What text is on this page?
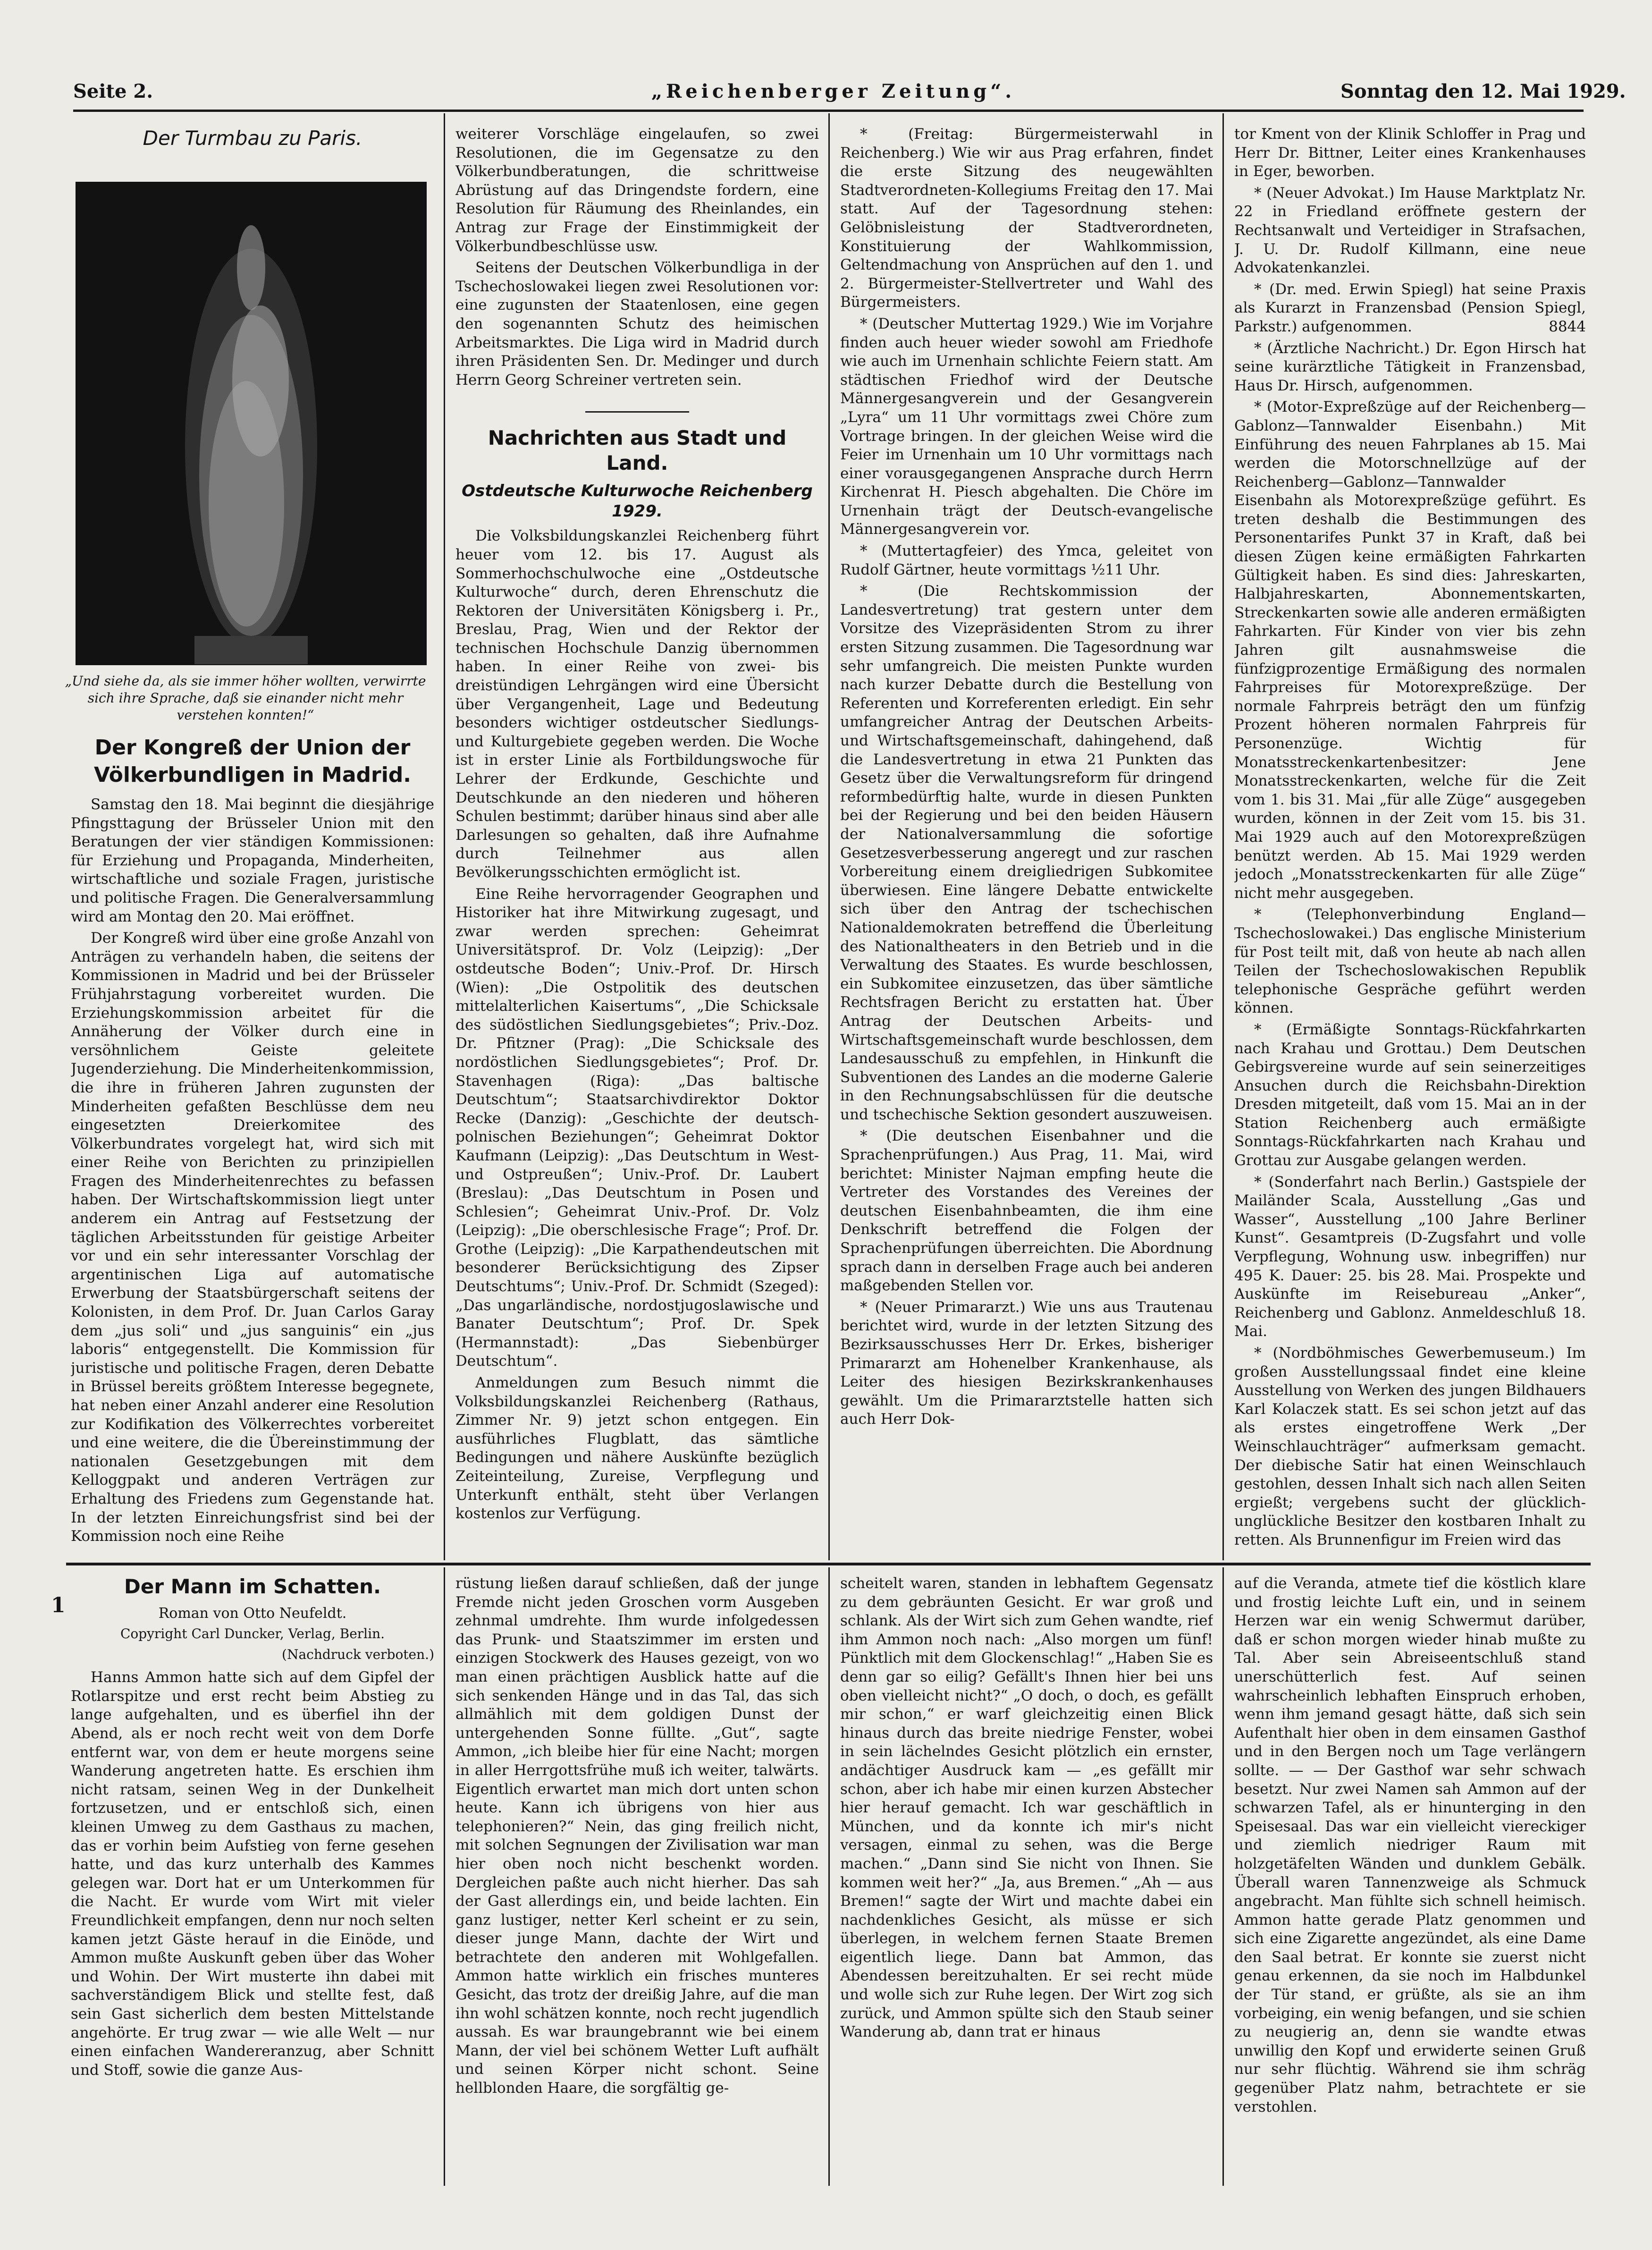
Seite 2.	„Reichenberger Zeitung“.	Sonntag den 12. Mai 1929.
Der Turmbau zu Paris.
„Und siehe da, als sie immer höher wollten, verwirrte sich ihre Sprache, daß sie einander nicht mehr verstehen konnten!“
Der Kongreß der Union der Völkerbundligen in Madrid.

Samstag den 18. Mai beginnt die diesjährige Pfingsttagung der Brüsseler Union mit den Beratungen der vier ständigen Kommissionen: für Erziehung und Propaganda, Minderheiten, wirtschaftliche und soziale Fragen, juristische und politische Fragen. Die Generalversammlung wird am Montag den 20. Mai eröffnet.

Der Kongreß wird über eine große Anzahl von Anträgen zu verhandeln haben, die seitens der Kommissionen in Madrid und bei der Brüsseler Frühjahrstagung vorbereitet wurden. Die Erziehungskommission arbeitet für die Annäherung der Völker durch eine in versöhnlichem Geiste geleitete Jugenderziehung. Die Minderheitenkommission, die ihre in früheren Jahren zugunsten der Minderheiten gefaßten Beschlüsse dem neu eingesetzten Dreierkomitee des Völkerbundrates vorgelegt hat, wird sich mit einer Reihe von Berichten zu prinzipiellen Fragen des Minderheitenrechtes zu befassen haben. Der Wirtschaftskommission liegt unter anderem ein Antrag auf Festsetzung der täglichen Arbeitsstunden für geistige Arbeiter vor und ein sehr interessanter Vorschlag der argentinischen Liga auf automatische Erwerbung der Staatsbürgerschaft seitens der Kolonisten, in dem Prof. Dr. Juan Carlos Garay dem „jus soli“ und „jus sanguinis“ ein „jus laboris“ entgegenstellt. Die Kommission für juristische und politische Fragen, deren Debatte in Brüssel bereits größtem Interesse begegnete, hat neben einer Anzahl anderer eine Resolution zur Kodifikation des Völkerrechtes vorbereitet und eine weitere, die die Übereinstimmung der nationalen Gesetzgebungen mit dem Kelloggpakt und anderen Verträgen zur Erhaltung des Friedens zum Gegenstande hat. In der letzten Einreichungsfrist sind bei der Kommission noch eine Reihe

weiterer Vorschläge eingelaufen, so zwei Resolutionen, die im Gegensatze zu den Völkerbundberatungen, die schrittweise Abrüstung auf das Dringendste fordern, eine Resolution für Räumung des Rheinlandes, ein Antrag zur Frage der Einstimmigkeit der Völkerbundbeschlüsse usw.

Seitens der Deutschen Völkerbundliga in der Tschechoslowakei liegen zwei Resolutionen vor: eine zugunsten der Staatenlosen, eine gegen den sogenannten Schutz des heimischen Arbeitsmarktes. Die Liga wird in Madrid durch ihren Präsidenten Sen. Dr. Medinger und durch Herrn Georg Schreiner vertreten sein.

Nachrichten aus Stadt und Land.
Ostdeutsche Kulturwoche Reichenberg 1929.

Die Volksbildungskanzlei Reichenberg führt heuer vom 12. bis 17. August als Sommerhochschulwoche eine „Ostdeutsche Kulturwoche“ durch, deren Ehrenschutz die Rektoren der Universitäten Königsberg i. Pr., Breslau, Prag, Wien und der Rektor der technischen Hochschule Danzig übernommen haben. In einer Reihe von zwei- bis dreistündigen Lehrgängen wird eine Übersicht über Vergangenheit, Lage und Bedeutung besonders wichtiger ostdeutscher Siedlungs- und Kulturgebiete gegeben werden. Die Woche ist in erster Linie als Fortbildungswoche für Lehrer der Erdkunde, Geschichte und Deutschkunde an den niederen und höheren Schulen bestimmt; darüber hinaus sind aber alle Darlesungen so gehalten, daß ihre Aufnahme durch Teilnehmer aus allen Bevölkerungsschichten ermöglicht ist.

Eine Reihe hervorragender Geographen und Historiker hat ihre Mitwirkung zugesagt, und zwar werden sprechen: Geheimrat Universitätsprof. Dr. Volz (Leipzig): „Der ostdeutsche Boden“; Univ.-Prof. Dr. Hirsch (Wien): „Die Ostpolitik des deutschen mittelalterlichen Kaisertums“, „Die Schicksale des südöstlichen Siedlungsgebietes“; Priv.-Doz. Dr. Pfitzner (Prag): „Die Schicksale des nordöstlichen Siedlungsgebietes“; Prof. Dr. Stavenhagen (Riga): „Das baltische Deutschtum“; Staatsarchivdirektor Doktor Recke (Danzig): „Geschichte der deutsch-polnischen Beziehungen“; Geheimrat Doktor Kaufmann (Leipzig): „Das Deutschtum in West- und Ostpreußen“; Univ.-Prof. Dr. Laubert (Breslau): „Das Deutschtum in Posen und Schlesien“; Geheimrat Univ.-Prof. Dr. Volz (Leipzig): „Die oberschlesische Frage“; Prof. Dr. Grothe (Leipzig): „Die Karpathendeutschen mit besonderer Berücksichtigung des Zipser Deutschtums“; Univ.-Prof. Dr. Schmidt (Szeged): „Das ungarländische, nordostjugoslawische und Banater Deutschtum“; Prof. Dr. Spek (Hermannstadt): „Das Siebenbürger Deutschtum“.

Anmeldungen zum Besuch nimmt die Volksbildungskanzlei Reichenberg (Rathaus, Zimmer Nr. 9) jetzt schon entgegen. Ein ausführliches Flugblatt, das sämtliche Bedingungen und nähere Auskünfte bezüglich Zeiteinteilung, Zureise, Verpflegung und Unterkunft enthält, steht über Verlangen kostenlos zur Verfügung.

* (Freitag: Bürgermeisterwahl in Reichenberg.) Wie wir aus Prag erfahren, findet die erste Sitzung des neugewählten Stadtverordneten-Kollegiums Freitag den 17. Mai statt. Auf der Tagesordnung stehen: Gelöbnisleistung der Stadtverordneten, Konstituierung der Wahlkommission, Geltendmachung von Ansprüchen auf den 1. und 2. Bürgermeister-Stellvertreter und Wahl des Bürgermeisters.

* (Deutscher Muttertag 1929.) Wie im Vorjahre finden auch heuer wieder sowohl am Friedhofe wie auch im Urnenhain schlichte Feiern statt. Am städtischen Friedhof wird der Deutsche Männergesangverein und der Gesangverein „Lyra“ um 11 Uhr vormittags zwei Chöre zum Vortrage bringen. In der gleichen Weise wird die Feier im Urnenhain um 10 Uhr vormittags nach einer vorausgegangenen Ansprache durch Herrn Kirchenrat H. Piesch abgehalten. Die Chöre im Urnenhain trägt der Deutsch-evangelische Männergesangverein vor.

* (Muttertagfeier) des Ymca, geleitet von Rudolf Gärtner, heute vormittags ½11 Uhr.

* (Die Rechtskommission der Landesvertretung) trat gestern unter dem Vorsitze des Vizepräsidenten Strom zu ihrer ersten Sitzung zusammen. Die Tagesordnung war sehr umfangreich. Die meisten Punkte wurden nach kurzer Debatte durch die Bestellung von Referenten und Korreferenten erledigt. Ein sehr umfangreicher Antrag der Deutschen Arbeits- und Wirtschaftsgemeinschaft, dahingehend, daß die Landesvertretung in etwa 21 Punkten das Gesetz über die Verwaltungsreform für dringend reformbedürftig halte, wurde in diesen Punkten bei der Regierung und bei den beiden Häusern der Nationalversammlung die sofortige Gesetzesverbesserung angeregt und zur raschen Vorbereitung einem dreigliedrigen Subkomitee überwiesen. Eine längere Debatte entwickelte sich über den Antrag der tschechischen Nationaldemokraten betreffend die Überleitung des Nationaltheaters in den Betrieb und in die Verwaltung des Staates. Es wurde beschlossen, ein Subkomitee einzusetzen, das über sämtliche Rechtsfragen Bericht zu erstatten hat. Über Antrag der Deutschen Arbeits- und Wirtschaftsgemeinschaft wurde beschlossen, dem Landesausschuß zu empfehlen, in Hinkunft die Subventionen des Landes an die moderne Galerie in den Rechnungsabschlüssen für die deutsche und tschechische Sektion gesondert auszuweisen.

* (Die deutschen Eisenbahner und die Sprachenprüfungen.) Aus Prag, 11. Mai, wird berichtet: Minister Najman empfing heute die Vertreter des Vorstandes des Vereines der deutschen Eisenbahnbeamten, die ihm eine Denkschrift betreffend die Folgen der Sprachenprüfungen überreichten. Die Abordnung sprach dann in derselben Frage auch bei anderen maßgebenden Stellen vor.

* (Neuer Primararzt.) Wie uns aus Trautenau berichtet wird, wurde in der letzten Sitzung des Bezirksausschusses Herr Dr. Erkes, bisheriger Primararzt am Hohenelber Krankenhause, als Leiter des hiesigen Bezirkskrankenhauses gewählt. Um die Primararztstelle hatten sich auch Herr Dok-

tor Kment von der Klinik Schloffer in Prag und Herr Dr. Bittner, Leiter eines Krankenhauses in Eger, beworben.

* (Neuer Advokat.) Im Hause Marktplatz Nr. 22 in Friedland eröffnete gestern der Rechtsanwalt und Verteidiger in Strafsachen, J. U. Dr. Rudolf Killmann, eine neue Advokatenkanzlei.

* (Dr. med. Erwin Spiegl) hat seine Praxis als Kurarzt in Franzensbad (Pension Spiegl, Parkstr.) aufgenommen.	8844

* (Ärztliche Nachricht.) Dr. Egon Hirsch hat seine kurärztliche Tätigkeit in Franzensbad, Haus Dr. Hirsch, aufgenommen.

* (Motor-Expreßzüge auf der Reichenberg—Gablonz—Tannwalder Eisenbahn.) Mit Einführung des neuen Fahrplanes ab 15. Mai werden die Motorschnellzüge auf der Reichenberg—Gablonz—Tannwalder Eisenbahn als Motorexpreßzüge geführt. Es treten deshalb die Bestimmungen des Personentarifes Punkt 37 in Kraft, daß bei diesen Zügen keine ermäßigten Fahrkarten Gültigkeit haben. Es sind dies: Jahreskarten, Halbjahreskarten, Abonnementskarten, Streckenkarten sowie alle anderen ermäßigten Fahrkarten. Für Kinder von vier bis zehn Jahren gilt ausnahmsweise die fünfzigprozentige Ermäßigung des normalen Fahrpreises für Motorexpreßzüge. Der normale Fahrpreis beträgt den um fünfzig Prozent höheren normalen Fahrpreis für Personenzüge. Wichtig für Monatsstreckenkartenbesitzer: Jene Monatsstreckenkarten, welche für die Zeit vom 1. bis 31. Mai „für alle Züge“ ausgegeben wurden, können in der Zeit vom 15. bis 31. Mai 1929 auch auf den Motorexpreßzügen benützt werden. Ab 15. Mai 1929 werden jedoch „Monatsstreckenkarten für alle Züge“ nicht mehr ausgegeben.

* (Telephonverbindung England—Tschechoslowakei.) Das englische Ministerium für Post teilt mit, daß von heute ab nach allen Teilen der Tschechoslowakischen Republik telephonische Gespräche geführt werden können.

* (Ermäßigte Sonntags-Rückfahrkarten nach Krahau und Grottau.) Dem Deutschen Gebirgsvereine wurde auf sein seinerzeitiges Ansuchen durch die Reichsbahn-Direktion Dresden mitgeteilt, daß vom 15. Mai an in der Station Reichenberg auch ermäßigte Sonntags-Rückfahrkarten nach Krahau und Grottau zur Ausgabe gelangen werden.

* (Sonderfahrt nach Berlin.) Gastspiele der Mailänder Scala, Ausstellung „Gas und Wasser“, Ausstellung „100 Jahre Berliner Kunst“. Gesamtpreis (D-Zugsfahrt und volle Verpflegung, Wohnung usw. inbegriffen) nur 495 K. Dauer: 25. bis 28. Mai. Prospekte und Auskünfte im Reisebureau „Anker“, Reichenberg und Gablonz. Anmeldeschluß 18. Mai.

* (Nordböhmisches Gewerbemuseum.) Im großen Ausstellungssaal findet eine kleine Ausstellung von Werken des jungen Bildhauers Karl Kolaczek statt. Es sei schon jetzt auf das als erstes eingetroffene Werk „Der Weinschlauchträger“ aufmerksam gemacht. Der diebische Satir hat einen Weinschlauch gestohlen, dessen Inhalt sich nach allen Seiten ergießt; vergebens sucht der glücklich-unglückliche Besitzer den kostbaren Inhalt zu retten. Als Brunnenfigur im Freien wird das

1
Der Mann im Schatten.
Roman von Otto Neufeldt.
Copyright Carl Duncker, Verlag, Berlin.
(Nachdruck verboten.)

Hanns Ammon hatte sich auf dem Gipfel der Rotlarspitze und erst recht beim Abstieg zu lange aufgehalten, und es überfiel ihn der Abend, als er noch recht weit von dem Dorfe entfernt war, von dem er heute morgens seine Wanderung angetreten hatte. Es erschien ihm nicht ratsam, seinen Weg in der Dunkelheit fortzusetzen, und er entschloß sich, einen kleinen Umweg zu dem Gasthaus zu machen, das er vorhin beim Aufstieg von ferne gesehen hatte, und das kurz unterhalb des Kammes gelegen war. Dort hat er um Unterkommen für die Nacht. Er wurde vom Wirt mit vieler Freundlichkeit empfangen, denn nur noch selten kamen jetzt Gäste herauf in die Einöde, und Ammon mußte Auskunft geben über das Woher und Wohin. Der Wirt musterte ihn dabei mit sachverständigem Blick und stellte fest, daß sein Gast sicherlich dem besten Mittelstande angehörte. Er trug zwar — wie alle Welt — nur einen einfachen Wandereranzug, aber Schnitt und Stoff, sowie die ganze Aus-

rüstung ließen darauf schließen, daß der junge Fremde nicht jeden Groschen vorm Ausgeben zehnmal umdrehte. Ihm wurde infolgedessen das Prunk- und Staatszimmer im ersten und einzigen Stockwerk des Hauses gezeigt, von wo man einen prächtigen Ausblick hatte auf die sich senkenden Hänge und in das Tal, das sich allmählich mit dem goldigen Dunst der untergehenden Sonne füllte. „Gut“, sagte Ammon, „ich bleibe hier für eine Nacht; morgen in aller Herrgottsfrühe muß ich weiter, talwärts. Eigentlich erwartet man mich dort unten schon heute. Kann ich übrigens von hier aus telephonieren?“ Nein, das ging freilich nicht, mit solchen Segnungen der Zivilisation war man hier oben noch nicht beschenkt worden. Dergleichen paßte auch nicht hierher. Das sah der Gast allerdings ein, und beide lachten. Ein ganz lustiger, netter Kerl scheint er zu sein, dieser junge Mann, dachte der Wirt und betrachtete den anderen mit Wohlgefallen. Ammon hatte wirklich ein frisches munteres Gesicht, das trotz der dreißig Jahre, auf die man ihn wohl schätzen konnte, noch recht jugendlich aussah. Es war braungebrannt wie bei einem Mann, der viel bei schönem Wetter Luft aufhält und seinen Körper nicht schont. Seine hellblonden Haare, die sorgfältig ge-

scheitelt waren, standen in lebhaftem Gegensatz zu dem gebräunten Gesicht. Er war groß und schlank. Als der Wirt sich zum Gehen wandte, rief ihm Ammon noch nach: „Also morgen um fünf! Pünktlich mit dem Glockenschlag!“ „Haben Sie es denn gar so eilig? Gefällt's Ihnen hier bei uns oben vielleicht nicht?“ „O doch, o doch, es gefällt mir schon,“ er warf gleichzeitig einen Blick hinaus durch das breite niedrige Fenster, wobei in sein lächelndes Gesicht plötzlich ein ernster, andächtiger Ausdruck kam — „es gefällt mir schon, aber ich habe mir einen kurzen Abstecher hier herauf gemacht. Ich war geschäftlich in München, und da konnte ich mir's nicht versagen, einmal zu sehen, was die Berge machen.“ „Dann sind Sie nicht von Ihnen. Sie kommen weit her?“ „Ja, aus Bremen.“ „Ah — aus Bremen!“ sagte der Wirt und machte dabei ein nachdenkliches Gesicht, als müsse er sich überlegen, in welchem fernen Staate Bremen eigentlich liege. Dann bat Ammon, das Abendessen bereitzuhalten. Er sei recht müde und wolle sich zur Ruhe legen. Der Wirt zog sich zurück, und Ammon spülte sich den Staub seiner Wanderung ab, dann trat er hinaus

auf die Veranda, atmete tief die köstlich klare und frostig leichte Luft ein, und in seinem Herzen war ein wenig Schwermut darüber, daß er schon morgen wieder hinab mußte zu Tal. Aber sein Abreiseentschluß stand unerschütterlich fest. Auf seinen wahrscheinlich lebhaften Einspruch erhoben, wenn ihm jemand gesagt hätte, daß sich sein Aufenthalt hier oben in dem einsamen Gasthof und in den Bergen noch um Tage verlängern sollte. — — Der Gasthof war sehr schwach besetzt. Nur zwei Namen sah Ammon auf der schwarzen Tafel, als er hinunterging in den Speisesaal. Das war ein vielleicht viereckiger und ziemlich niedriger Raum mit holzgetäfelten Wänden und dunklem Gebälk. Überall waren Tannenzweige als Schmuck angebracht. Man fühlte sich schnell heimisch. Ammon hatte gerade Platz genommen und sich eine Zigarette angezündet, als eine Dame den Saal betrat. Er konnte sie zuerst nicht genau erkennen, da sie noch im Halbdunkel der Tür stand, er grüßte, als sie an ihm vorbeiging, ein wenig befangen, und sie schien zu neugierig an, denn sie wandte etwas unwillig den Kopf und erwiderte seinen Gruß nur sehr flüchtig. Während sie ihm schräg gegenüber Platz nahm, betrachtete er sie verstohlen.
